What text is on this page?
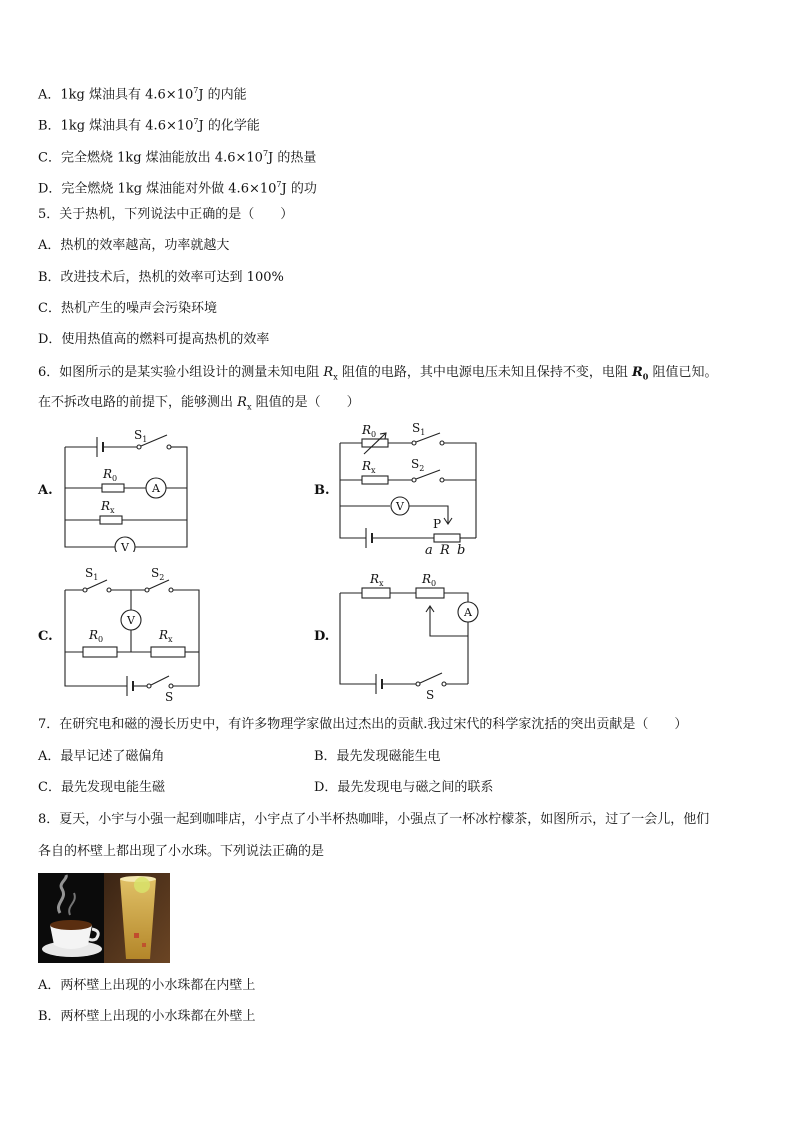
A．1kg 煤油具有 $4.6\times 10^7J$ 的内能
B．1kg 煤油具有 $4.6\times 10^7J$ 的化学能
C．完全燃烧 1kg 煤油能放出 $4.6\times 10^7J$ 的热量
D．完全燃烧 1kg 煤油能对外做 $4.6\times 10^7J$ 的功
5．关于热机，下列说法中正确的是（　　）
A．热机的效率越高，功率就越大
B．改进技术后，热机的效率可达到 100%
C．热机产生的噪声会污染环境
D．使用热值高的燃料可提高热机的效率
6．如图所示的是某实验小组设计的测量未知电阻 $R_x$ 阻值的电路，其中电源电压未知且保持不变，电阻 $R_0$ 阻值已知。
在不拆改电路的前提下，能够测出 $R_x$ 阻值的是（　　）
A.	B.
C.	D.
$S_1$
$R_0$
A
$R_x$
V
$R_0$	$S_1$
$R_x$	$S_2$
V
P
a R b
$S_1$	$S_2$
V
$R_0$	$R_x$
S
$R_x$	$R_0$
A
S
7．在研究电和磁的漫长历史中，有许多物理学家做出过杰出的贡献.我过宋代的科学家沈括的突出贡献是（　　）
A．最早记述了磁偏角	B．最先发现磁能生电
C．最先发现电能生磁	D．最先发现电与磁之间的联系
8．夏天，小宇与小强一起到咖啡店，小宇点了小半杯热咖啡，小强点了一杯冰柠檬茶，如图所示，过了一会儿，他们
各自的杯壁上都出现了小水珠。下列说法正确的是
A．两杯壁上出现的小水珠都在内壁上
B．两杯壁上出现的小水珠都在外壁上
